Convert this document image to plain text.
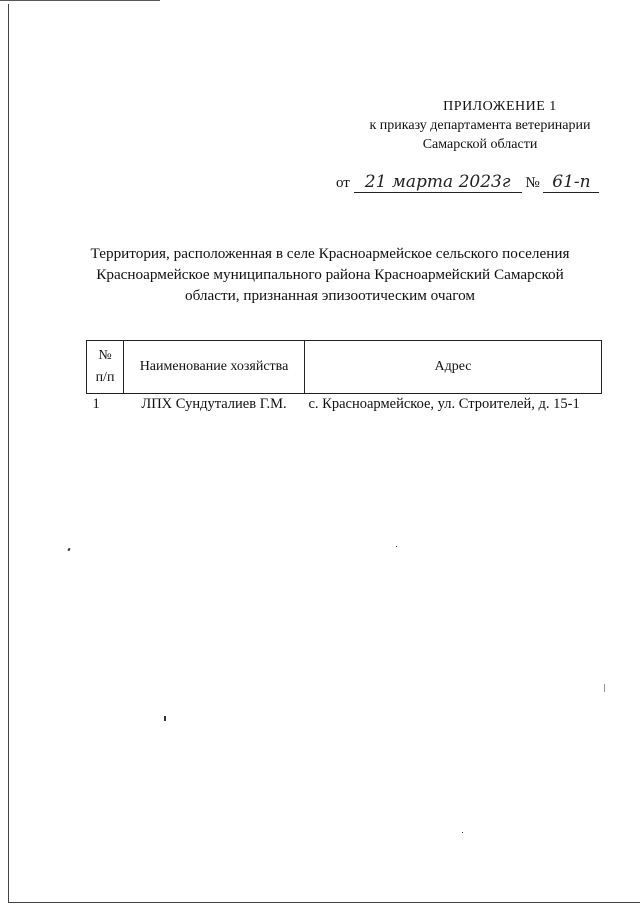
ПРИЛОЖЕНИЕ 1
к приказу департамента ветеринарии
Самарской области
от 21 марта 2023г № 61-п
Территория, расположенная в селе Красноармейское сельского поселения
Красноармейское муниципального района Красноармейский Самарской
области, признанная эпизоотическим очагом
№
п/п	Наименование хозяйства	Адрес
1	ЛПХ Сундуталиев Г.М.	с. Красноармейское, ул. Строителей, д. 15-1
